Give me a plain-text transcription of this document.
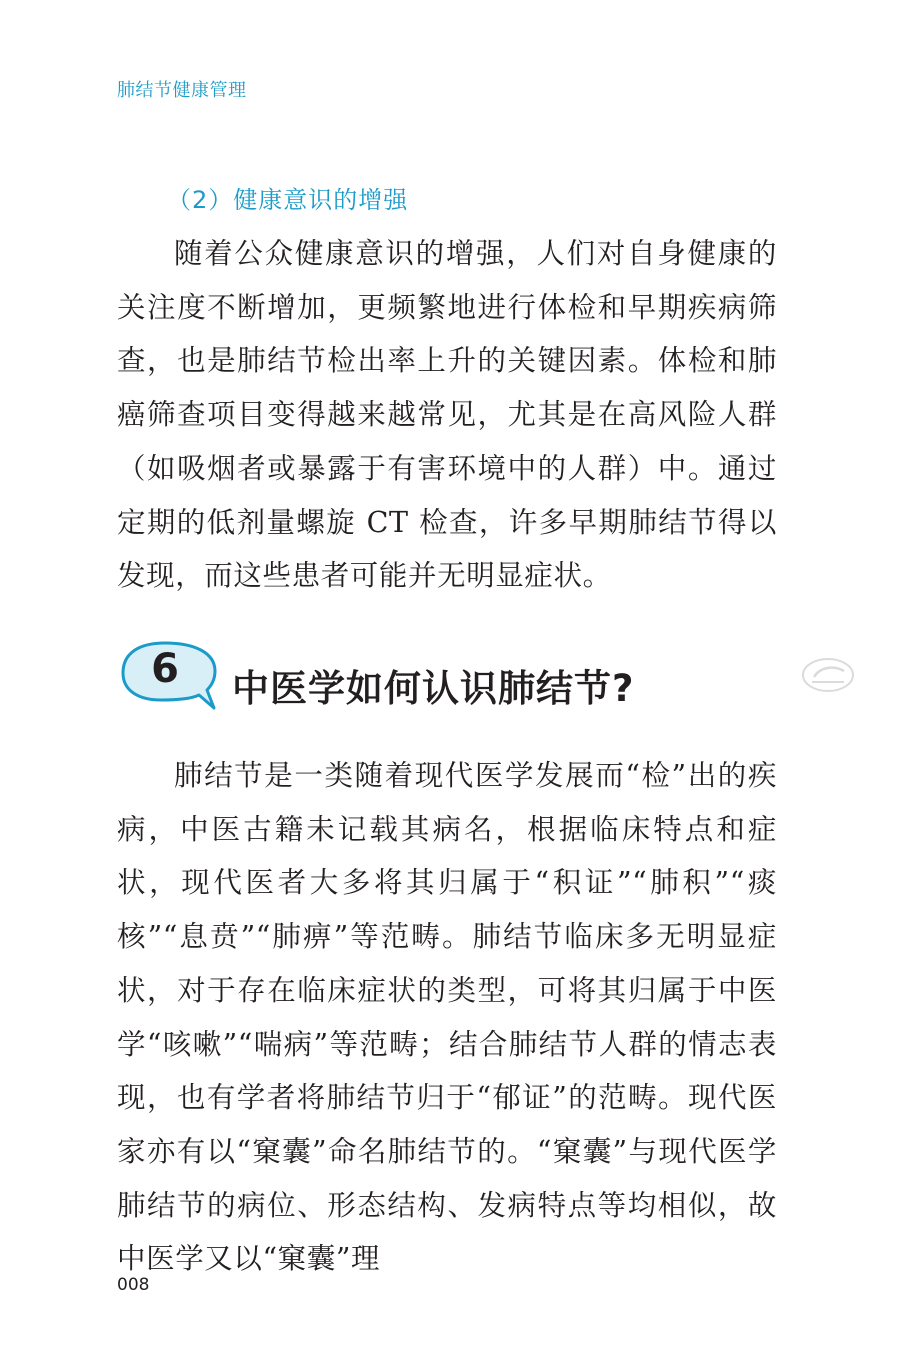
肺结节健康管理
（2）健康意识的增强

随着公众健康意识的增强，人们对自身健康的关注度不断增加，更频繁地进行体检和早期疾病筛查，也是肺结节检出率上升的关键因素。体检和肺癌筛查项目变得越来越常见，尤其是在高风险人群（如吸烟者或暴露于有害环境中的人群）中。通过定期的低剂量螺旋 CT 检查，许多早期肺结节得以发现，而这些患者可能并无明显症状。

6	中医学如何认识肺结节?

肺结节是一类随着现代医学发展而“检”出的疾病，中医古籍未记载其病名，根据临床特点和症状，现代医者大多将其归属于“积证”“肺积”“痰核”“息贲”“肺痹”等范畴。肺结节临床多无明显症状，对于存在临床症状的类型，可将其归属于中医学“咳嗽”“喘病”等范畴；结合肺结节人群的情志表现，也有学者将肺结节归于“郁证”的范畴。现代医家亦有以“窠囊”命名肺结节的。“窠囊”与现代医学肺结节的病位、形态结构、发病特点等均相似，故中医学又以“窠囊”理

008
